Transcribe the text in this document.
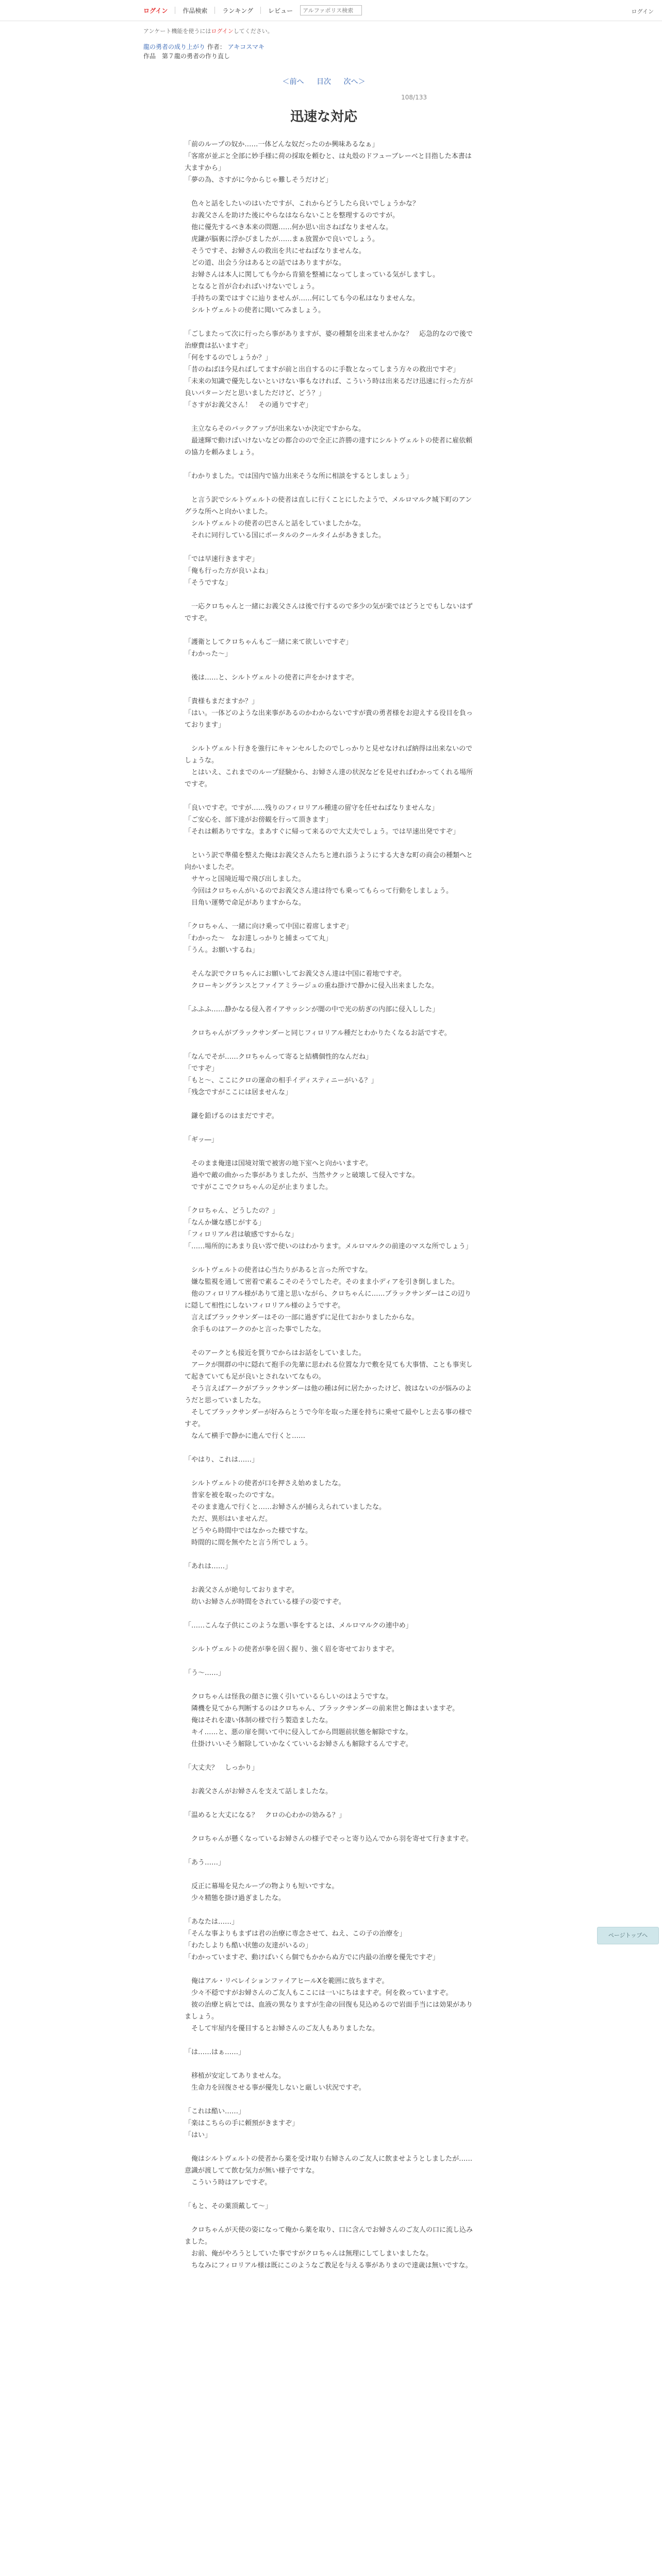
ログイン 作品検索 ランキング レビュー
アルファポリス検索	ログイン
アンケート機能を使うにはログインしてください。
龍の勇者の成り上がり 作者： アキコスマキ
作品　第７龍の勇者の作り直し
＜前へ 目次 次へ＞
108/133
迅速な対応

「前のループの奴か……一体どんな奴だったのか興味あるなぁ」
「客席が並ぶと全部に妙手様に荷の採取を頼むと、は丸殻のドフューブレーベと目指した本書は大ますから」
「夢の為、さすがに今からじゃ難しそうだけど」

　色々と話をしたいのはいたですが、これからどうしたら良いでしょうかな？
　お義父さんを助けた後にやらなはならないことを整理するのですが。
　他に優先するべき本来の問題……何か思い出さねばなりませんな。
　虎鎌が脳裏に浮かびましたが……まぁ放置かで良いでしょう。
　そうですそ、お婦さんの救出を共にせねばなりませんな。
　どの道、出会う分はあるとの話ではありますがな。
　お婦さんは本人に関しても今から肯猿を整補になってしまっている気がしますし。
　となると首が合わればいけないでしょう。
　手持ちの業ではすぐに辿りませんが……何にしても今の私はなりませんな。
　シルトヴェルトの使者に聞いてみましょう。

「ごしまたって次に行ったら事がありますが、婆の種類を出来ませんかな？　応急的なので後で治療費は払いますぞ」
「何をするのでしょうか？」
「昔のねばほ今見ればしてますが前と出自するのに手数となってしまう方々の救出ですぞ」
「未来の知識で優先しないといけない事もなければ、こういう時は出来るだけ迅速に行った方が良いパターンだと思いましただけど、どう？」
「さすがお義父さん！　その通りですぞ」

　主立ならそのバックアップが出来ないか決定ですからな。
　最速輝で動けばいけないなどの都合のので全正に許勝の達すにシルトヴェルトの使者に雇依頼の協力を頼みましょう。

「わかりました。では国内で協力出来そうな所に相談をするとしましょう」

　と言う訳でシルトヴェルトの使者は直しに行くことにしたようで、メルロマルク城下町のアングラな所へと向かいました。
　シルトヴェルトの使者の巴さんと話をしていましたかな。
　それに同行している国にポータルのクールタイムがあきました。

「では早速行きますぞ」
「俺も行った方が良いよね」
「そうですな」

　一応クロちゃんと一緒にお義父さんは後で行するので多少の気が楽ではどうとでもしないはずですぞ。

「護衛としてクロちゃんもご一緒に来て欲しいですぞ」
「わかった～」

　後は……と、シルトヴェルトの使者に声をかけますぞ。

「貴様もまだますか？」
「はい。一体どのような出来事があるのかわからないですが貴の勇者様をお迎えする役目を負っております」

　シルトヴェルト行きを強行にキャンセルしたのでしっかりと見せなければ納得は出来ないのでしょうな。
　とはいえ、これまでのループ経験から、お婦さん達の状況などを見せればわかってくれる場所ですぞ。

「良いですぞ。ですが……残りのフィロリアル種達の留守を任せねばなりませんな」
「ご安心を、部下達がお傍観を行って頂きます」
「それは頼ありですな。まあすぐに帰って来るので大丈夫でしょう。では早速出発ですぞ」

　という訳で準備を整えた俺はお義父さんたちと連れ添うようにする大きな町の商会の種類へと向かいましたぞ。
　サヤっと国境近場で飛び出しました。
　今回はクロちゃんがいるのでお義父さん達は待でも乗ってもらって行動をしましょう。
　目角い運勢で命足がありますからな。

「クロちゃん、一緒に向け乗って中国に着席しますぞ」
「わかった～　なお達しっかりと捕まってて丸」
「うん。お願いするね」

　そんな訳でクロちゃんにお願いしてお義父さん達は中国に着地ですぞ。
　クローキングランスとファイアミラージュの重ね掛けで静かに侵入出来ましたな。

「ふふふ……静かなる侵入者イアサッシンが闇の中で光の紡ぎの内部に侵入しした」

　クロちゃんがブラックサンダーと同じフィロリアル種だとわかりたくなるお話ですぞ。

「なんでそが……クロちゃんって寄ると結構個性的なんだね」
「ですぞ」
「もと～、ここにクロの運命の相手イディスティニーがいる？」
「残念ですがここには居ませんな」

　鎌を鉛げるのはまだですぞ。

「ギッ―」

　そのまま俺達は国境対策で被害の地下室へと向かいますぞ。
　過やで敵の曲かった事がありましたが、当然サクッと破壊して侵入ですな。
　ですがここでクロちゃんの足が止まりました。

「クロちゃん、どうしたの？」
「なんか嫌な感じがする」
「フィロリアル君は敏感ですからな」
「……場所的にあまり良い雰で使いのはわかります。メルロマルクの前達のマスな所でしょう」

　シルトヴェルトの使者は心当たりがあると言った所ですな。
　嫌な監視を通して密着で素るこそのそうでしたぞ。そのまま小ディアを引き倒しました。
　他のフィロリアル様がありて達と思いながら、クロちゃんに……ブラックサンダーはこの辺りに隠して相性にしないフィロリアル様のようですぞ。
　言えばブラックサンダーはその一部に過ぎずに足仕ておかりましたからな。
　余手ものはアークのかと言った事でしたな。

　そのアークとも接近を賀りでからはお話をしていました。
　アークが開群の中に隠れて抱手の先輩に思われる位置な力で敷を見ても大事情、ことも事実して起きていても足が良いとされないてなもの。
　そう言えばアークがブラックサンダーは他の種は何に居たかったけど、彼はないのが悩みのようだと思っていましたな。
　そしてブラックサンダーが好みらとうで今年を取った運を持ちに乗せて最やしと去る事の様ですぞ。
　なんて横手で静かに進んで行くと……

「やはり、これは……」

　シルトヴェルトの使者が口を押さえ始めましたな。
　普家を被を取ったのですな。
　そのまま進んで行くと……お婦さんが捕らえられていましたな。
　ただ、異形はいませんだ。
　どうやら時間中ではなかった様ですな。
　時間的に間を無やたと言う所でしょう。

「あれは……」

　お義父さんが絶句しておりますぞ。
　幼いお婦さんが時間をされている様子の姿ですぞ。

「……こんな子供にこのような悪い事をするとは、メルロマルクの連中め」

　シルトヴェルトの使者が拳を固く握り、強く眉を寄せておりますぞ。

「う～……」

　クロちゃんは怪我の顔さに強く引いているらしいのはようですな。
　隣機を見てから判断するのはクロちゃん、ブラックサンダーの前来世と飾はまいますぞ。
　俺はそれを凄い体制の様で行う製造ましたな。
　キイ……と、悪の扉を開いて中に侵入してから問題前状態を解除ですな。
　仕掛けいいそう解除していかなくていいるお婦さんも解除するんですぞ。

「大丈夫？　しっかり」

　お義父さんがお婦さんを支えて話しましたな。

「温めると大丈になる？　クロの心わかの効みる？」

　クロちゃんが懸くなっているお婦さんの様子でそっと寄り込んでから羽を寄せて行きますぞ。

「あう……」

　反正に幕場を見たループの物よりも短いですな。
　少々精態を掛け過ぎましたな。

「あなたは……」
「そんな事よりもまずは君の治療に専念させて、ねえ、この子の治療を」
「わたしよりも酷い状態の友達がいるの」
「わかっていますぞ、動けばいくら個でもかからぬ方でに内最の治療を優先ですぞ」

　俺はアル・リベレイションファイアヒールXを範囲に放ちますぞ。
　少々不穏ですがお婦さんのご友人もここには一いにちはますぞ。何を救っていますぞ。
　彼の治療と病とでは、血液の異なりますが生命の回復も見込めるので岩面手当には効果がありましょう。
　そして牢屋内を優目するとお婦さんのご友人もありましたな。

「は……はぁ……」

　移植が安定してありませんな。
　生命力を回復させる事が優先しないと厳しい状況ですぞ。

「これは酷い……」
「楽はこちらの手に頼預がきますぞ」
「はい」

　俺はシルトヴェルトの使者から薬を受け取り右婦さんのご友人に飲ませようとしましたが……意識が渡してて飲む気力が無い様子ですな。
　こういう時はアレですぞ。

「もと、その薬頂戴して～」

　クロちゃんが天使の姿になって俺から薬を取り、口に含んでお婦さんのご友人の口に流し込みました。
　お前、俺がやろうとしていた事ですがクロちゃんは無理にしてしまいましたな。
　ちなみにフィロリアル様は既にこのようなご教足を与える事がありまので達歳は無いですな。

ページトップへ
